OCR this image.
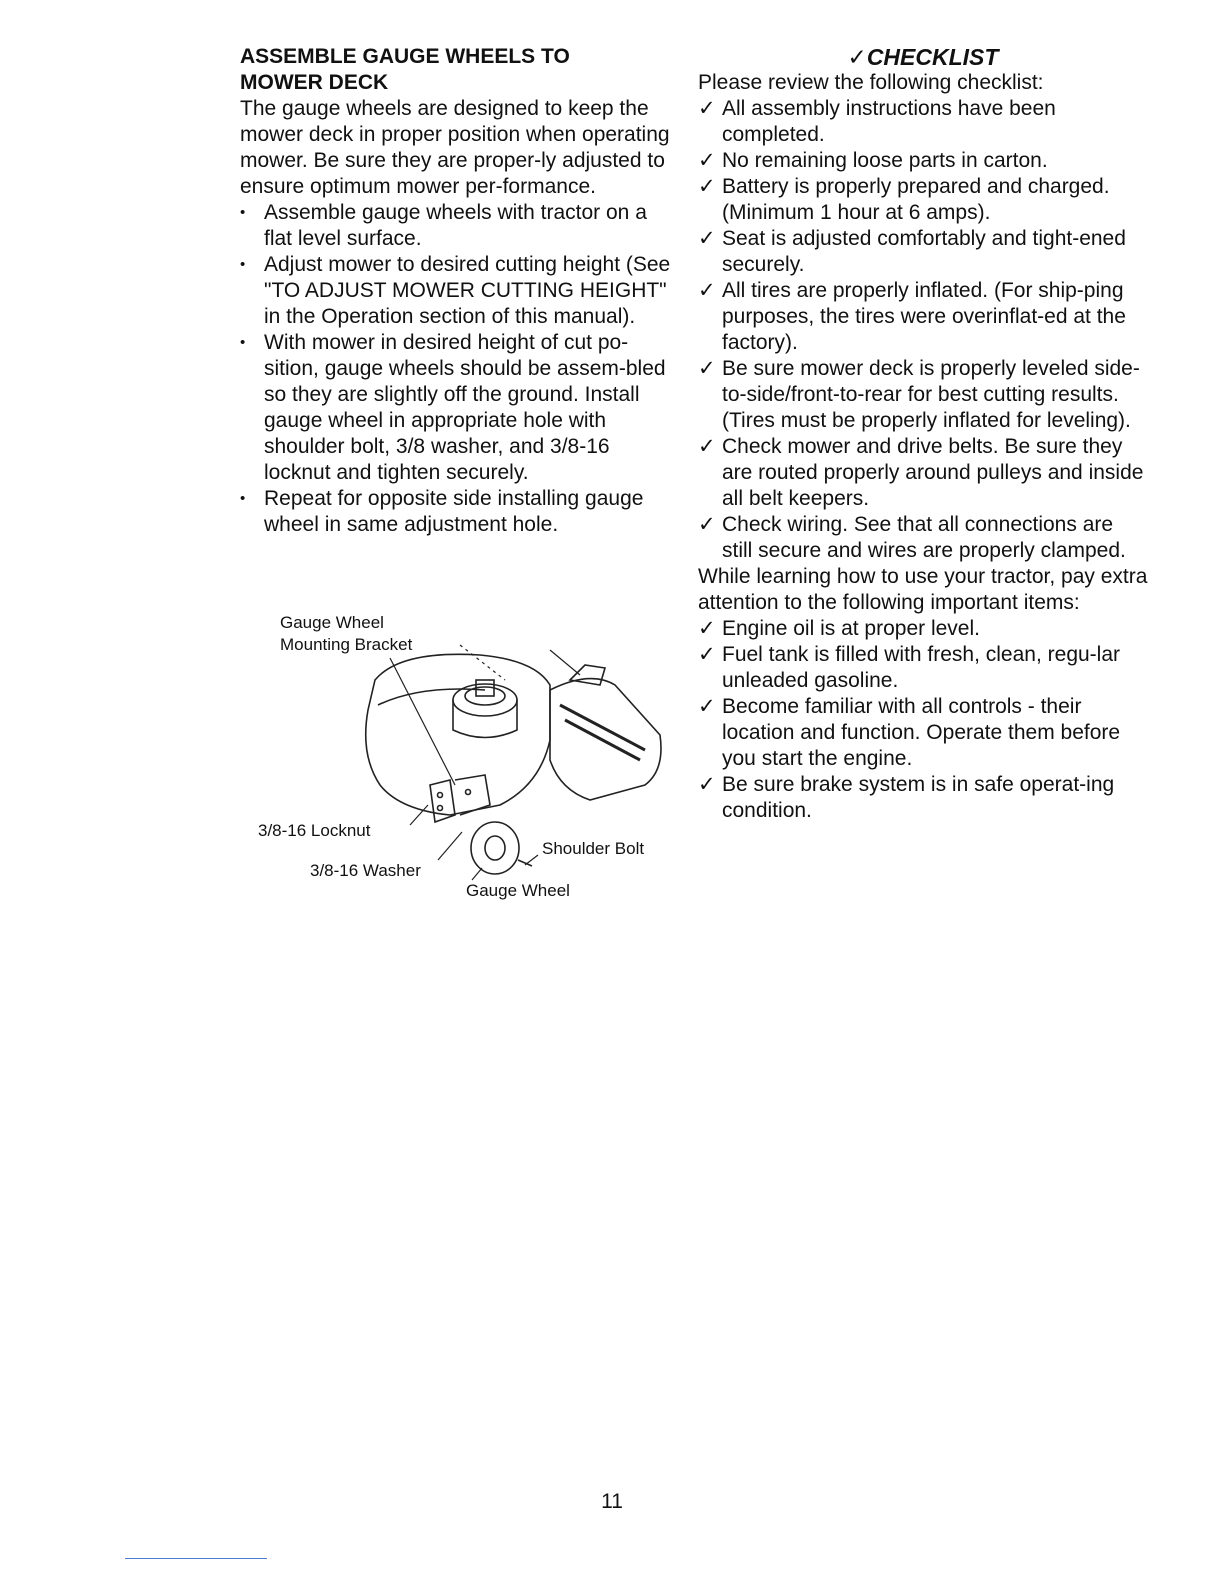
ASSEMBLE GAUGE WHEELS TO
MOWER DECK

The gauge wheels are designed to keep the mower deck in proper position when operating mower. Be sure they are proper-ly adjusted to ensure optimum mower per-formance.

• Assemble gauge wheels with tractor on a flat level surface.
• Adjust mower to desired cutting height (See "TO ADJUST MOWER CUTTING HEIGHT" in the Operation section of this manual).
• With mower in desired height of cut po-sition, gauge wheels should be assem-bled so they are slightly off the ground. Install gauge wheel in appropriate hole with shoulder bolt, 3/8 washer, and 3/8-16 locknut and tighten securely.
• Repeat for opposite side installing gauge wheel in same adjustment hole.
Gauge Wheel
Mounting Bracket
3/8-16 Locknut
3/8-16 Washer
Shoulder Bolt
Gauge Wheel

✓CHECKLIST

Please review the following checklist:

✓ All assembly instructions have been completed.
✓ No remaining loose parts in carton.
✓ Battery is properly prepared and charged. (Minimum 1 hour at 6 amps).
✓ Seat is adjusted comfortably and tight-ened securely.
✓ All tires are properly inflated. (For ship-ping purposes, the tires were overinflat-ed at the factory).
✓ Be sure mower deck is properly leveled side-to-side/front-to-rear for best cutting results. (Tires must be properly inflated for leveling).
✓ Check mower and drive belts. Be sure they are routed properly around pulleys and inside all belt keepers.
✓ Check wiring. See that all connections are still secure and wires are properly clamped.

While learning how to use your tractor, pay extra attention to the following important items:

✓ Engine oil is at proper level.
✓ Fuel tank is filled with fresh, clean, regu-lar unleaded gasoline.
✓ Become familiar with all controls - their location and function. Operate them before you start the engine.
✓ Be sure brake system is in safe operat-ing condition.
11
